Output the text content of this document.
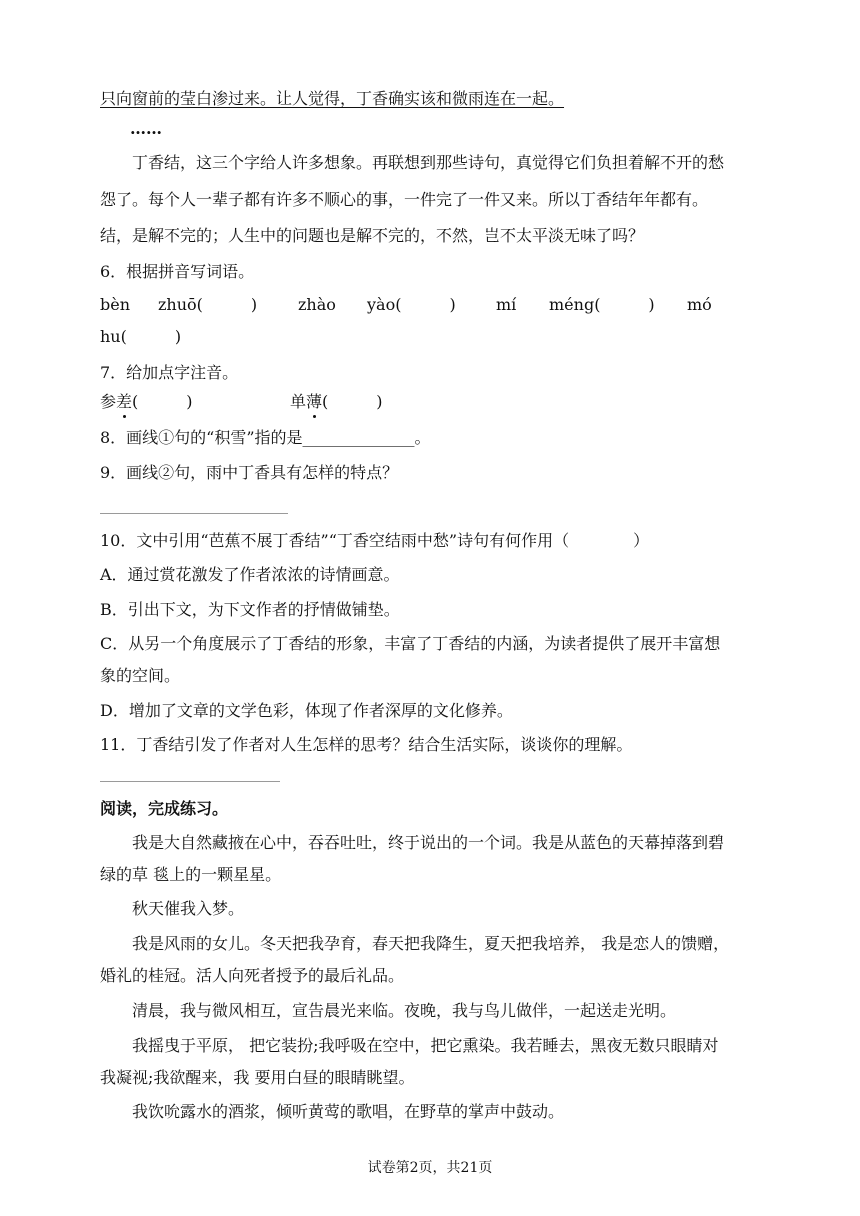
只向窗前的莹白渗过来。让人觉得，丁香确实该和微雨连在一起。
……
丁香结，这三个字给人许多想象。再联想到那些诗句，真觉得它们负担着解不开的愁
怨了。每个人一辈子都有许多不顺心的事，一件完了一件又来。所以丁香结年年都有。
结，是解不完的；人生中的问题也是解不完的，不然，岂不太平淡无味了吗？
6．根据拼音写词语。
bèn zhuō(　　　)	zhào yào(　　　)	mí méng(　　　) mó
hu(　　　)
7．给加点字注音。
参差(　　　)	单薄(　　　)
8．画线①句的“积雪”指的是______________。
9．画线②句，雨中丁香具有怎样的特点？
10．文中引用“芭蕉不展丁香结”“丁香空结雨中愁”诗句有何作用（　　　　）
A．通过赏花激发了作者浓浓的诗情画意。
B．引出下文，为下文作者的抒情做铺垫。
C．从另一个角度展示了丁香结的形象，丰富了丁香结的内涵，为读者提供了展开丰富想
象的空间。
D．增加了文章的文学色彩，体现了作者深厚的文化修养。
11．丁香结引发了作者对人生怎样的思考？结合生活实际，谈谈你的理解。
阅读，完成练习。
我是大自然藏掖在心中，吞吞吐吐，终于说出的一个词。我是从蓝色的天幕掉落到碧
绿的草 毯上的一颗星星。
秋天催我入梦。
我是风雨的女儿。冬天把我孕育，春天把我降生，夏天把我培养， 我是恋人的馈赠，
婚礼的桂冠。活人向死者授予的最后礼品。
清晨，我与微风相互，宣告晨光来临。夜晚，我与鸟儿做伴，一起送走光明。
我摇曳于平原， 把它装扮;我呼吸在空中，把它熏染。我若睡去，黑夜无数只眼睛对
我凝视;我欲醒来，我 要用白昼的眼睛眺望。
我饮吮露水的酒浆，倾听黄莺的歌唱，在野草的掌声中鼓动。
试卷第2页，共21页
